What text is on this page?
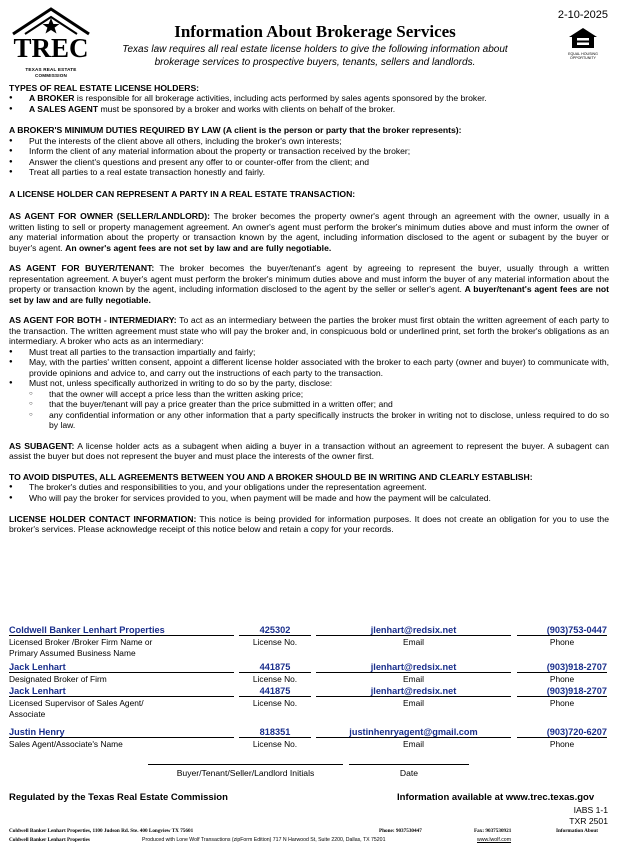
TREC
TEXAS REAL ESTATE COMMISSION
2-10-2025
EQUAL HOUSING
OPPORTUNITY
Information About Brokerage Services
Texas law requires all real estate license holders to give the following information about
brokerage services to prospective buyers, tenants, sellers and landlords.
TYPES OF REAL ESTATE LICENSE HOLDERS:
● A BROKER is responsible for all brokerage activities, including acts performed by sales agents sponsored by the broker.
● A SALES AGENT must be sponsored by a broker and works with clients on behalf of the broker.
A BROKER'S MINIMUM DUTIES REQUIRED BY LAW (A client is the person or party that the broker represents):
● Put the interests of the client above all others, including the broker's own interests;
● Inform the client of any material information about the property or transaction received by the broker;
● Answer the client's questions and present any offer to or counter-offer from the client; and
● Treat all parties to a real estate transaction honestly and fairly.
A LICENSE HOLDER CAN REPRESENT A PARTY IN A REAL ESTATE TRANSACTION:
AS AGENT FOR OWNER (SELLER/LANDLORD): The broker becomes the property owner's agent through an agreement with the owner, usually in a written listing to sell or property management agreement. An owner's agent must perform the broker's minimum duties above and must inform the owner of any material information about the property or transaction known by the agent, including information disclosed to the agent or subagent by the buyer or buyer's agent. An owner's agent fees are not set by law and are fully negotiable.
AS AGENT FOR BUYER/TENANT: The broker becomes the buyer/tenant's agent by agreeing to represent the buyer, usually through a written representation agreement. A buyer's agent must perform the broker's minimum duties above and must inform the buyer of any material information about the property or transaction known by the agent, including information disclosed to the agent by the seller or seller's agent. A buyer/tenant's agent fees are not set by law and are fully negotiable.
AS AGENT FOR BOTH - INTERMEDIARY: To act as an intermediary between the parties the broker must first obtain the written agreement of each party to the transaction. The written agreement must state who will pay the broker and, in conspicuous bold or underlined print, set forth the broker's obligations as an intermediary. A broker who acts as an intermediary:
● Must treat all parties to the transaction impartially and fairly;
● May, with the parties' written consent, appoint a different license holder associated with the broker to each party (owner and buyer) to communicate with, provide opinions and advice to, and carry out the instructions of each party to the transaction.
● Must not, unless specifically authorized in writing to do so by the party, disclose:
○ that the owner will accept a price less than the written asking price;
○ that the buyer/tenant will pay a price greater than the price submitted in a written offer; and
○ any confidential information or any other information that a party specifically instructs the broker in writing not to disclose, unless required to do so by law.
AS SUBAGENT: A license holder acts as a subagent when aiding a buyer in a transaction without an agreement to represent the buyer. A subagent can assist the buyer but does not represent the buyer and must place the interests of the owner first.
TO AVOID DISPUTES, ALL AGREEMENTS BETWEEN YOU AND A BROKER SHOULD BE IN WRITING AND CLEARLY ESTABLISH:
● The broker's duties and responsibilities to you, and your obligations under the representation agreement.
● Who will pay the broker for services provided to you, when payment will be made and how the payment will be calculated.
LICENSE HOLDER CONTACT INFORMATION: This notice is being provided for information purposes. It does not create an obligation for you to use the broker's services. Please acknowledge receipt of this notice below and retain a copy for your records.
Coldwell Banker Lenhart Properties	425302	jlenhart@redsix.net	(903)753-0447
Licensed Broker /Broker Firm Name or
Primary Assumed Business Name
License No.	Email	Phone
Jack Lenhart	441875	jlenhart@redsix.net	(903)918-2707
Designated Broker of Firm	License No.	Email	Phone
Jack Lenhart	441875	jlenhart@redsix.net	(903)918-2707
Licensed Supervisor of Sales Agent/
Associate
License No.	Email	Phone
Justin Henry	818351	justinhenryagent@gmail.com	(903)720-6207
Sales Agent/Associate's Name	License No.	Email	Phone
Buyer/Tenant/Seller/Landlord Initials	Date
Regulated by the Texas Real Estate Commission	Information available at www.trec.texas.gov
IABS 1-1
TXR 2501
Coldwell Banker Lenhart Properties, 1100 Judson Rd. Ste. 400 Longview TX 75601	Phone: 9037530447	Fax: 9037530921	Information About
Coldwell Banker Lenhart Properties	Produced with Lone Wolf Transactions (zipForm Edition) 717 N Harwood St, Suite 2200, Dallas, TX 75201	www.lwolf.com
